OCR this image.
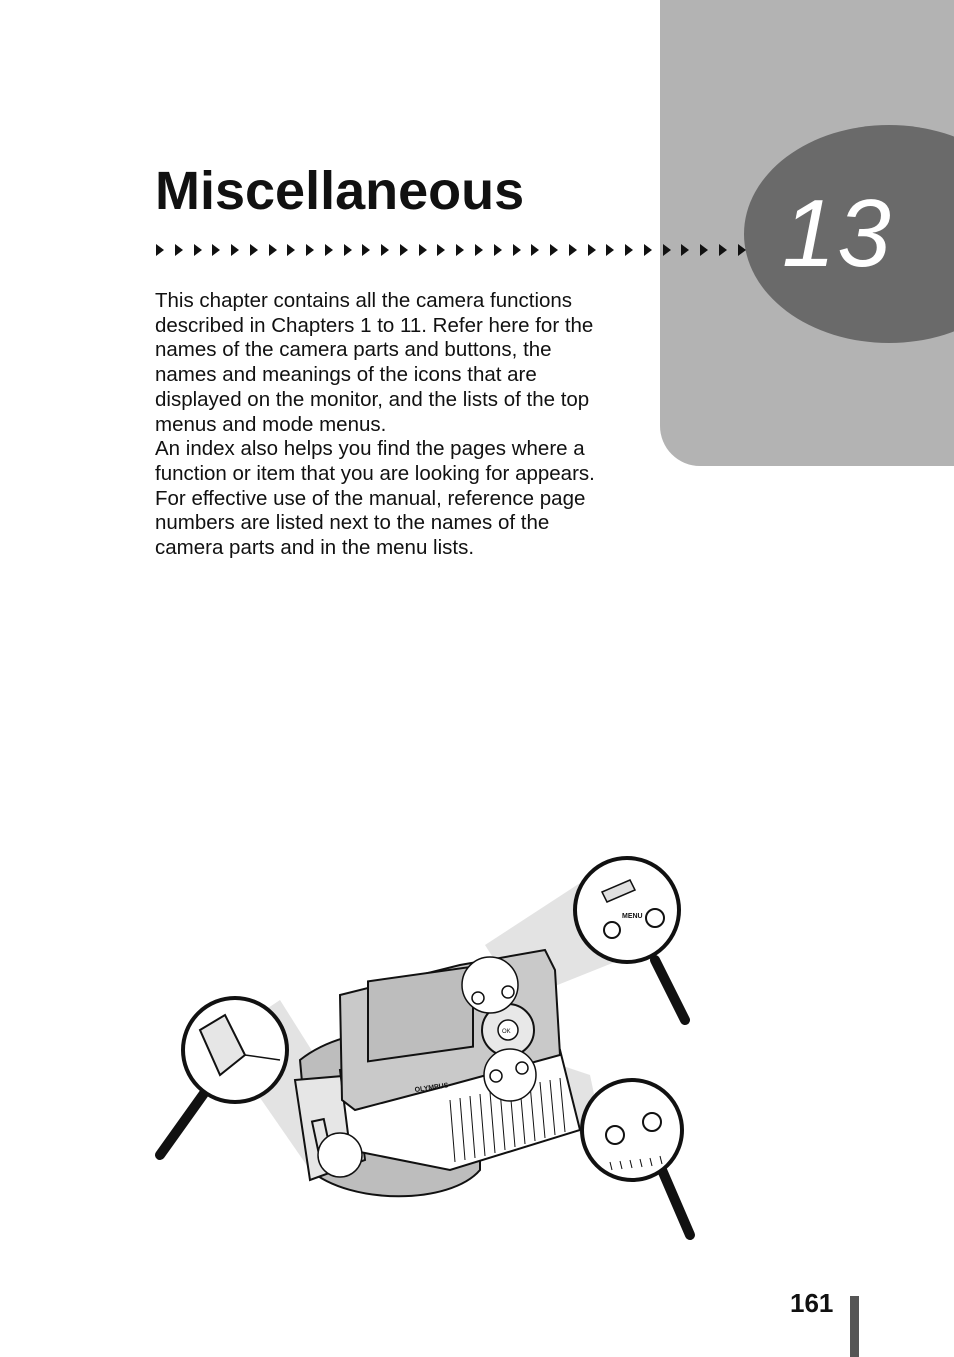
13
Miscellaneous

This chapter contains all the camera functions described in Chapters 1 to 11. Refer here for the names of the camera parts and buttons, the names and meanings of the icons that are displayed on the monitor, and the lists of the top menus and mode menus.

An index also helps you find the pages where a function or item that you are looking for appears. For effective use of the manual, reference page numbers are listed next to the names of the camera parts and in the menu lists.

OLYMPUS
OK
MENU
161
